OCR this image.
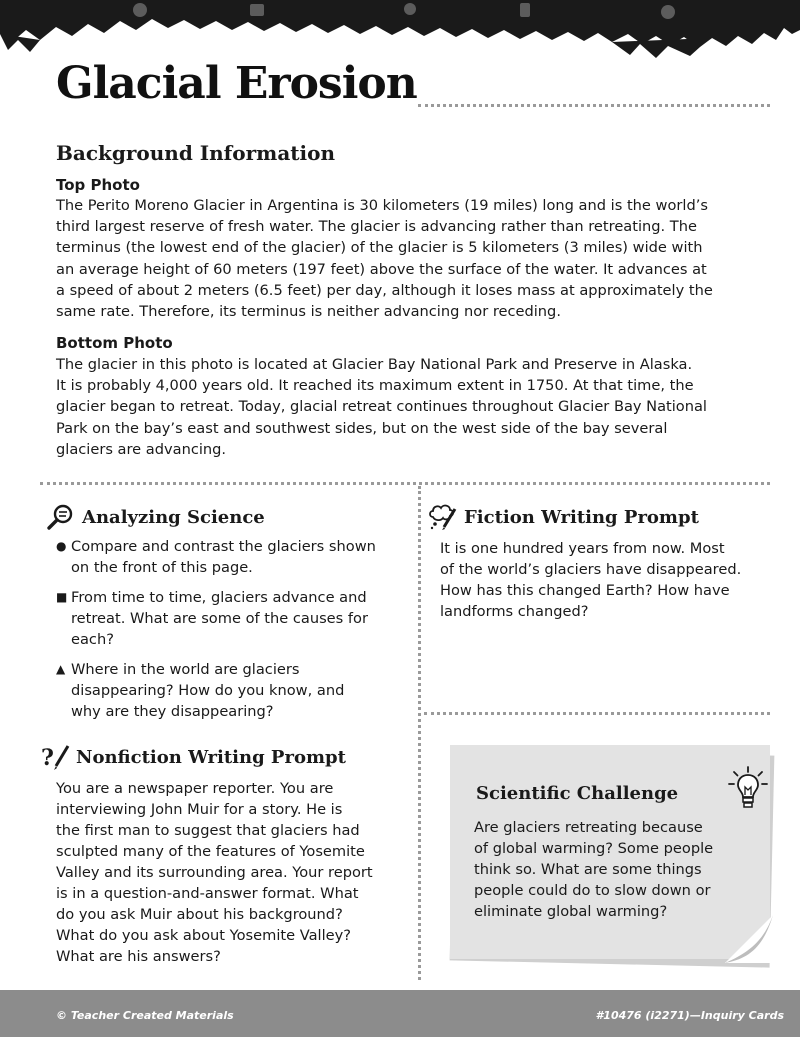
Glacial Erosion
Background Information
Top Photo

The Perito Moreno Glacier in Argentina is 30 kilometers (19 miles) long and is the world’s
third largest reserve of fresh water. The glacier is advancing rather than retreating. The
terminus (the lowest end of the glacier) of the glacier is 5 kilometers (3 miles) wide with
an average height of 60 meters (197 feet) above the surface of the water. It advances at
a speed of about 2 meters (6.5 feet) per day, although it loses mass at approximately the
same rate. Therefore, its terminus is neither advancing nor receding.

Bottom Photo

The glacier in this photo is located at Glacier Bay National Park and Preserve in Alaska.
It is probably 4,000 years old. It reached its maximum extent in 1750. At that time, the
glacier began to retreat. Today, glacial retreat continues throughout Glacier Bay National
Park on the bay’s east and southwest sides, but on the west side of the bay several
glaciers are advancing.

Analyzing Science
● Compare and contrast the glaciers shown
on the front of this page.
■ From time to time, glaciers advance and
retreat. What are some of the causes for
each?
▲ Where in the world are glaciers
disappearing? How do you know, and
why are they disappearing?
Fiction Writing Prompt

It is one hundred years from now. Most
of the world’s glaciers have disappeared.
How has this changed Earth? How have
landforms changed?

? Nonfiction Writing Prompt

You are a newspaper reporter. You are
interviewing John Muir for a story. He is
the first man to suggest that glaciers had
sculpted many of the features of Yosemite
Valley and its surrounding area. Your report
is in a question-and-answer format. What
do you ask Muir about his background?
What do you ask about Yosemite Valley?
What are his answers?

Scientific Challenge

Are glaciers retreating because
of global warming? Some people
think so. What are some things
people could do to slow down or
eliminate global warming?

© Teacher Created Materials	#10476 (i2271)—Inquiry Cards
